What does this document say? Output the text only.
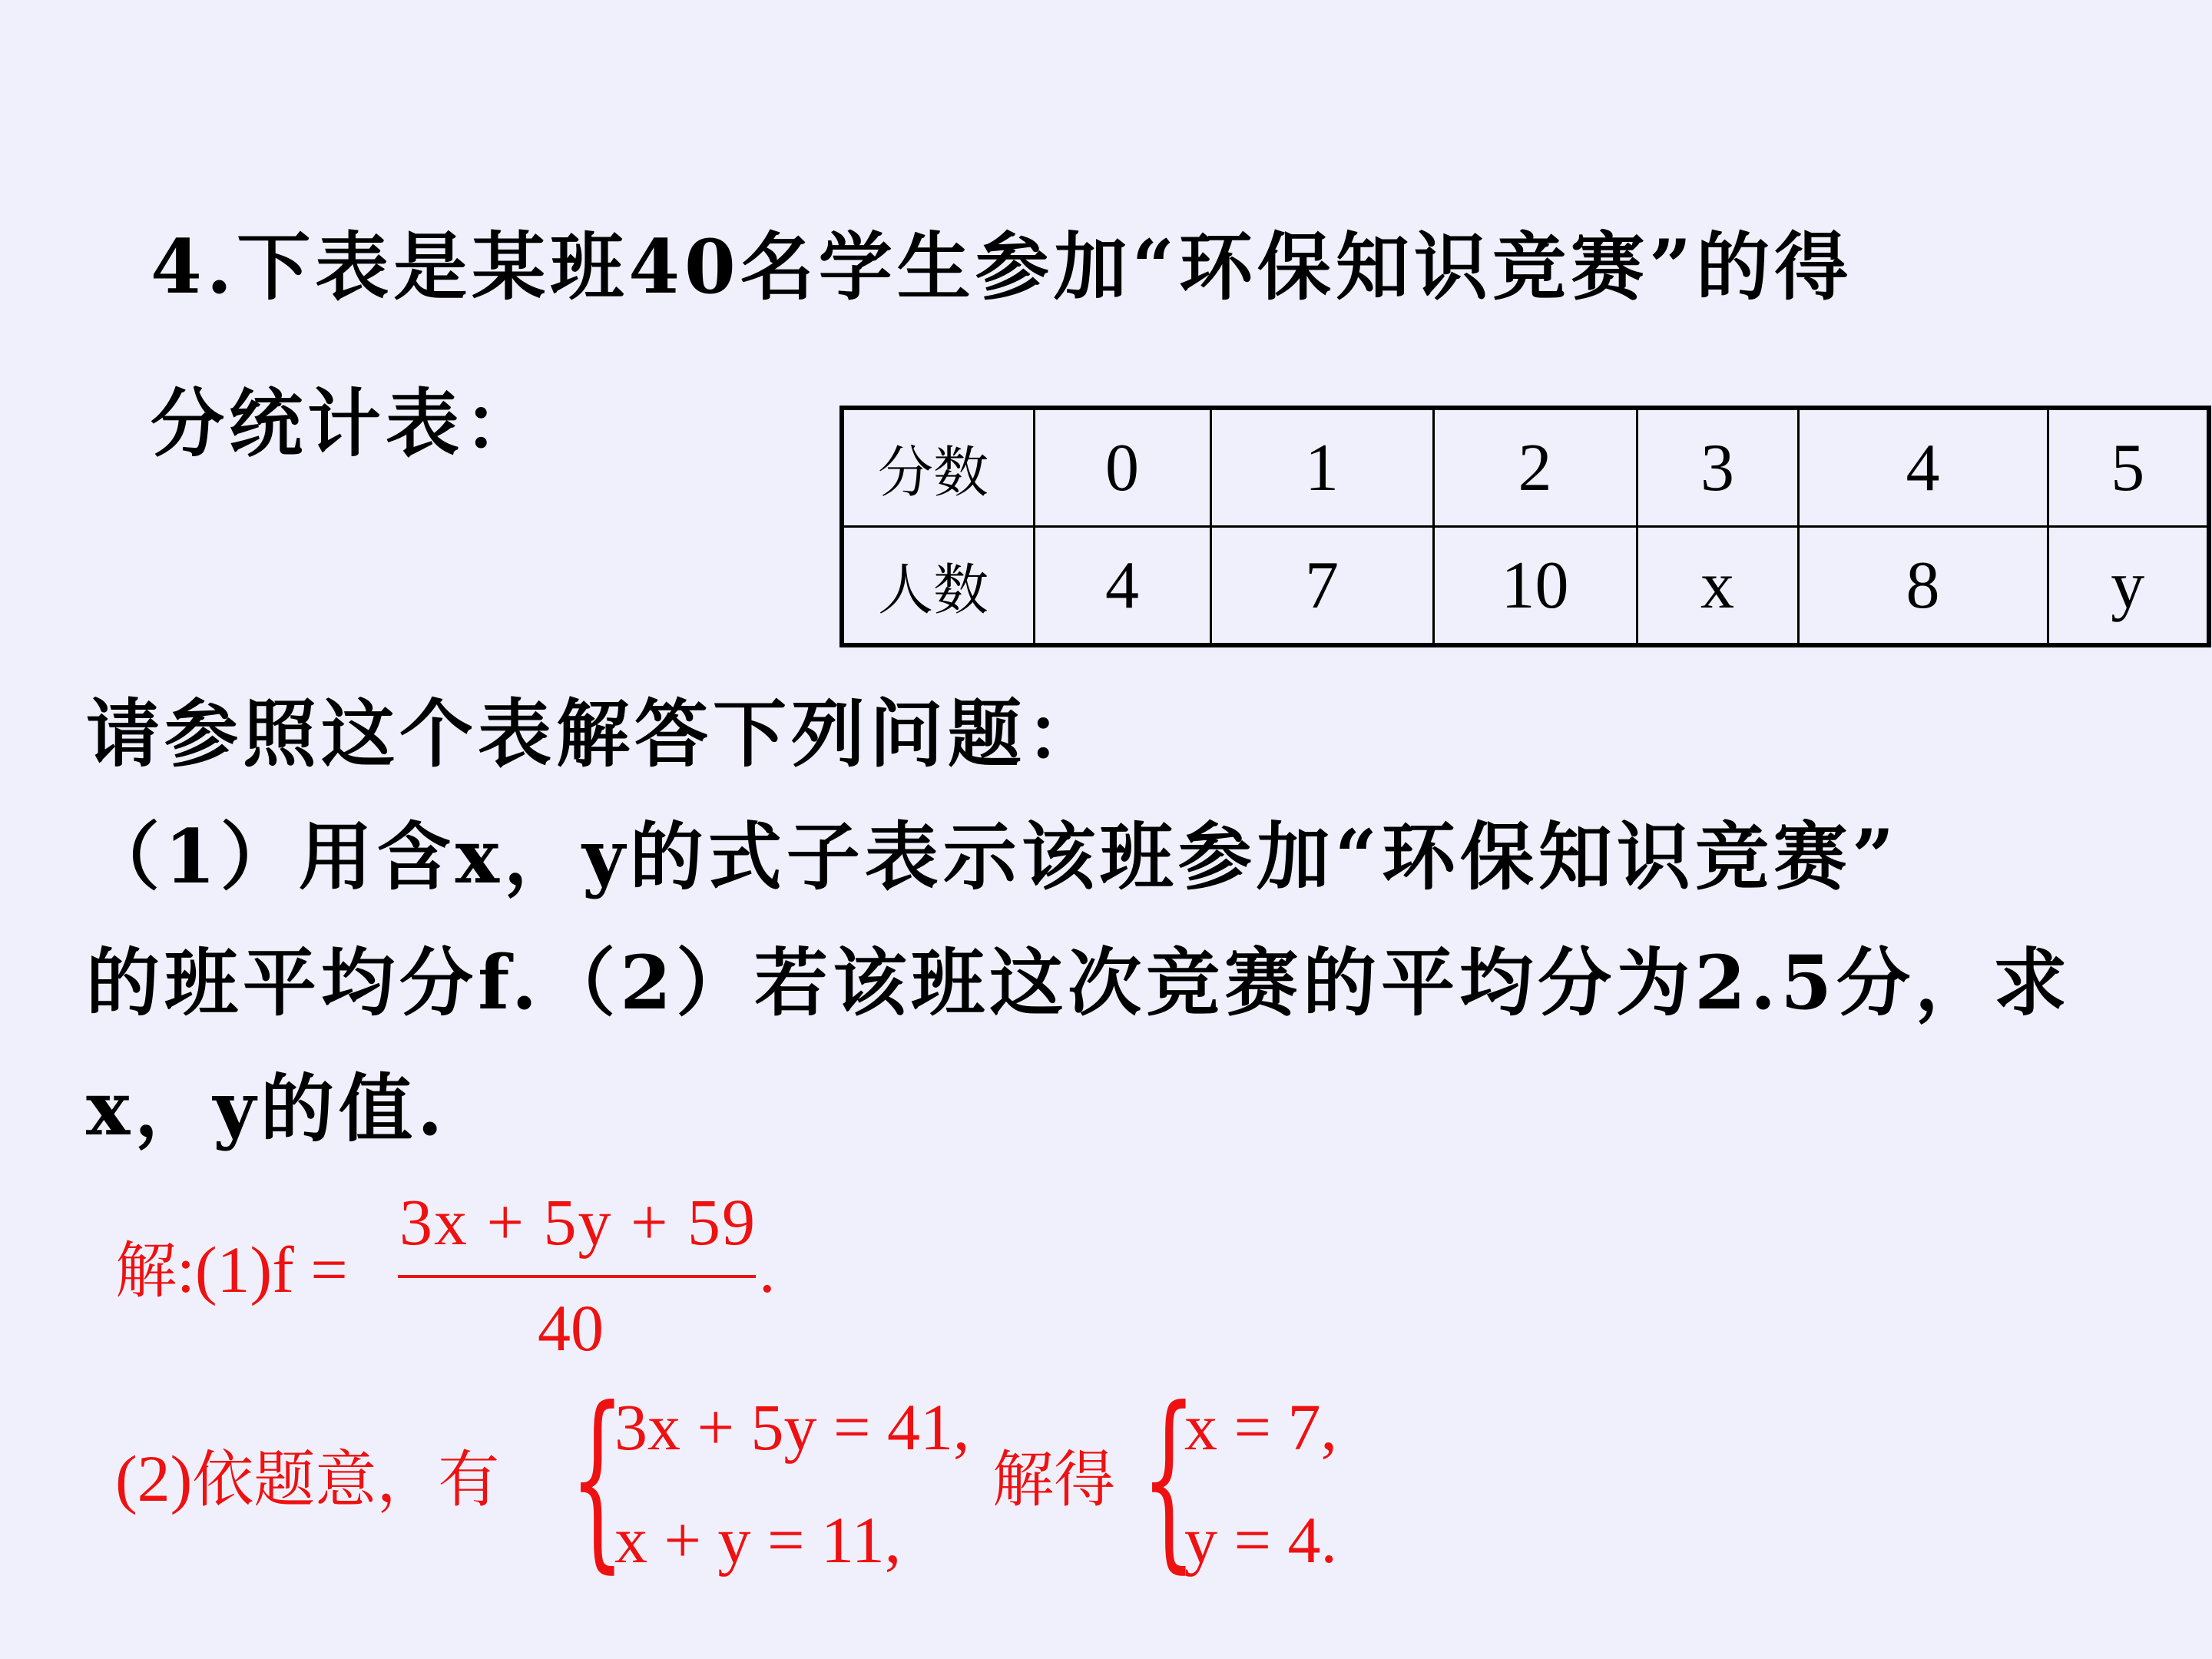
4.下表是某班40名学生参加“环保知识竞赛”的得
分统计表：
分数	0	1	2	3	4	5
人数	4	7	10	x	8	y
请参照这个表解答下列问题：
（1）用含x，y的式子表示该班参加“环保知识竞赛”
的班平均分f.（2）若该班这次竞赛的平均分为2.5分，求
x，y的值.
解:(1)f =
3x + 5y + 59
40
.
(2)依题意，有 {
3x + 5y = 41,
x + y = 11,
解得 {
x = 7,
y = 4.
